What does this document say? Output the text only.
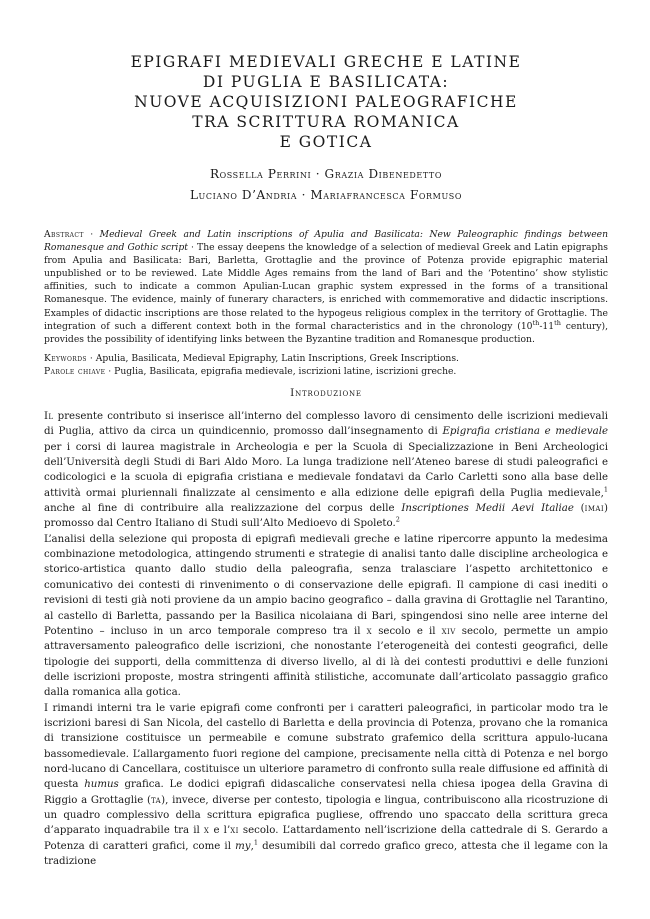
EPIGRAFI MEDIEVALI GRECHE E LATINE
DI PUGLIA E BASILICATA:
NUOVE ACQUISIZIONI PALEOGRAFICHE
TRA SCRITTURA ROMANICA
E GOTICA
Rossella Perrini · Grazia Dibenedetto
Luciano D’Andria · Mariafrancesca Formuso
Abstract · Medieval Greek and Latin inscriptions of Apulia and Basilicata: New Paleographic findings between Romanesque and Gothic script · The essay deepens the knowledge of a selection of medieval Greek and Latin epigraphs from Apulia and Basilicata: Bari, Barletta, Grottaglie and the province of Potenza provide epigraphic material unpublished or to be reviewed. Late Middle Ages remains from the land of Bari and the ‘Potentino’ show stylistic affinities, such to indicate a common Apulian-Lucan graphic system expressed in the forms of a transitional Romanesque. The evidence, mainly of funerary characters, is enriched with commemorative and didactic inscriptions. Examples of didactic inscriptions are those related to the hypogeus religious complex in the territory of Grottaglie. The integration of such a different context both in the formal characteristics and in the chronology (10th-11th century), provides the possibility of identifying links between the Byzantine tradition and Romanesque production.
Keywords · Apulia, Basilicata, Medieval Epigraphy, Latin Inscriptions, Greek Inscriptions.
Parole chiave · Puglia, Basilicata, epigrafia medievale, iscrizioni latine, iscrizioni greche.
Introduzione

Il presente contributo si inserisce all’interno del complesso lavoro di censimento delle iscrizioni medievali di Puglia, attivo da circa un quindicennio, promosso dall’insegnamento di Epigrafia cristiana e medievale per i corsi di laurea magistrale in Archeologia e per la Scuola di Specializzazione in Beni Archeologici dell’Università degli Studi di Bari Aldo Moro. La lunga tradizione nell’Ateneo barese di studi paleografici e codicologici e la scuola di epigrafia cristiana e medievale fondatavi da Carlo Carletti sono alla base delle attività ormai pluriennali finalizzate al censimento e alla edizione delle epigrafi della Puglia medievale,$^1$ anche al fine di contribuire alla realizzazione del corpus delle Inscriptiones Medii Aevi Italiae (imai) promosso dal Centro Italiano di Studi sull’Alto Medioevo di Spoleto.$^2$

L’analisi della selezione qui proposta di epigrafi medievali greche e latine ripercorre appunto la medesima combinazione metodologica, attingendo strumenti e strategie di analisi tanto dalle discipline archeologica e storico-artistica quanto dallo studio della paleografia, senza tralasciare l’aspetto architettonico e comunicativo dei contesti di rinvenimento o di conservazione delle epigrafi. Il campione di casi inediti o revisioni di testi già noti proviene da un ampio bacino geografico – dalla gravina di Grottaglie nel Tarantino, al castello di Barletta, passando per la Basilica nicolaiana di Bari, spingendosi sino nelle aree interne del Potentino – incluso in un arco temporale compreso tra il x secolo e il xiv secolo, permette un ampio attraversamento paleografico delle iscrizioni, che nonostante l’eterogeneità dei contesti geografici, delle tipologie dei supporti, della committenza di diverso livello, al di là dei contesti produttivi e delle funzioni delle iscrizioni proposte, mostra stringenti affinità stilistiche, accomunate dall’articolato passaggio grafico dalla romanica alla gotica.

I rimandi interni tra le varie epigrafi come confronti per i caratteri paleografici, in particolar modo tra le iscrizioni baresi di San Nicola, del castello di Barletta e della provincia di Potenza, provano che la romanica di transizione costituisce un permeabile e comune substrato grafemico della scrittura appulo-lucana bassomedievale. L’allargamento fuori regione del campione, precisamente nella città di Potenza e nel borgo nord-lucano di Cancellara, costituisce un ulteriore parametro di confronto sulla reale diffusione ed affinità di questa humus grafica. Le dodici epigrafi didascaliche conservatesi nella chiesa ipogea della Gravina di Riggio a Grottaglie (ta), invece, diverse per contesto, tipologia e lingua, contribuiscono alla ricostruzione di un quadro complessivo della scrittura epigrafica pugliese, offrendo uno spaccato della scrittura greca d’apparato inquadrabile tra il x e l’xi secolo. L’attardamento nell’iscrizione della cattedrale di S. Gerardo a Potenza di caratteri grafici, come il my,$^1$ desumibili dal corredo grafico greco, attesta che il legame con la tradizione
